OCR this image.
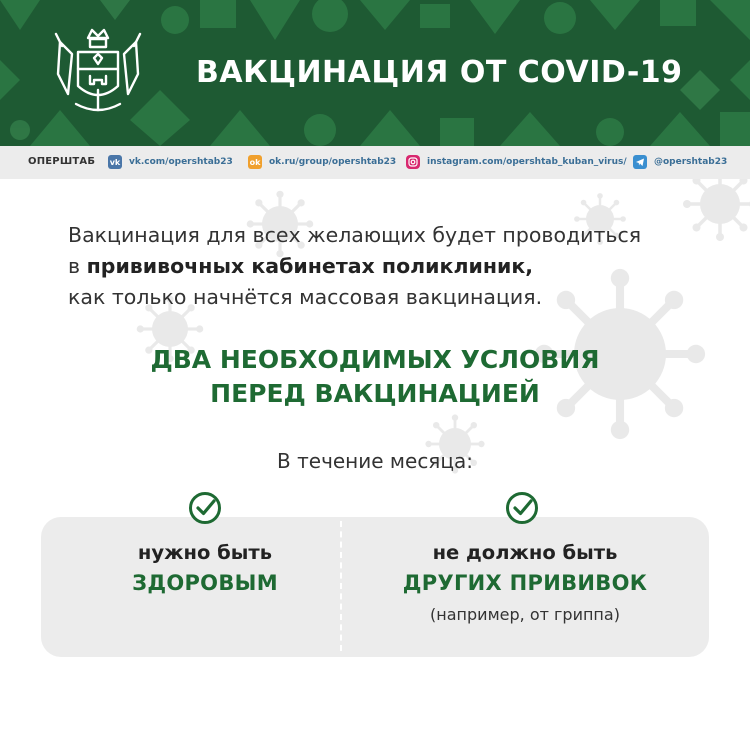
ВАКЦИНАЦИЯ ОТ COVID-19
ОПЕРШТАБ vk vk.com/opershtab23 ok ok.ru/group/opershtab23	instagram.com/opershtab_kuban_virus/	@opershtab23
Вакцинация для всех желающих будет проводиться
в прививочных кабинетах поликлиник,
как только начнётся массовая вакцинация.
ДВА НЕОБХОДИМЫХ УСЛОВИЯ
ПЕРЕД ВАКЦИНАЦИЕЙ
В течение месяца:
нужно быть
ЗДОРОВЫМ
не должно быть
ДРУГИХ ПРИВИВОК
(например, от гриппа)
